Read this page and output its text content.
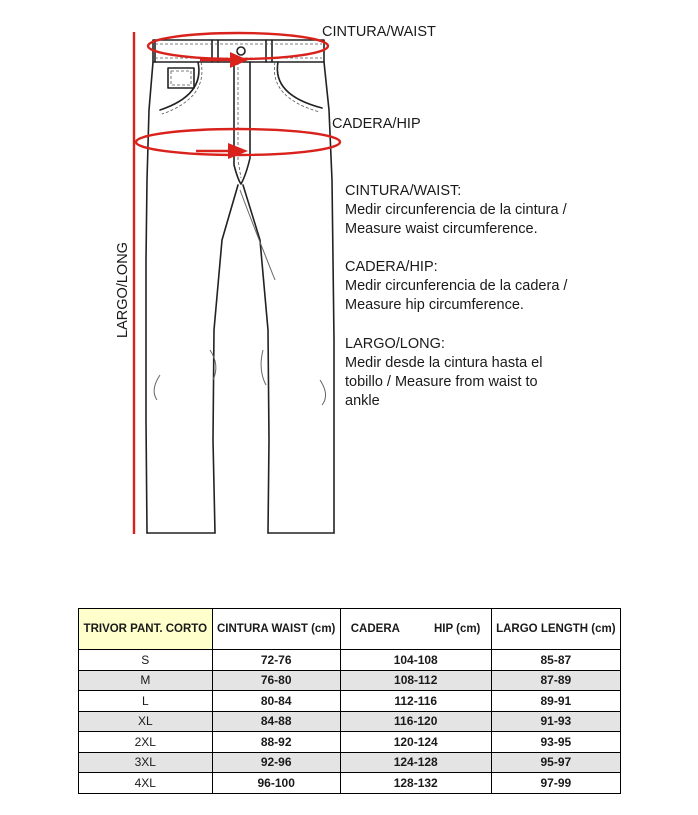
CINTURA/WAIST
CADERA/HIP
LARGO/LONG
CINTURA/WAIST:
Medir circunferencia de la cintura /
Measure waist circumference.
CADERA/HIP:
Medir circunferencia de la cadera /
Measure hip circumference.
LARGO/LONG:
Medir desde la cintura hasta el
tobillo / Measure from waist to
ankle
TRIVOR PANT. CORTO	CINTURA WAIST (cm)	CADERA HIP (cm)	LARGO LENGTH (cm)
S	72-76	104-108	85-87
M	76-80	108-112	87-89
L	80-84	112-116	89-91
XL	84-88	116-120	91-93
2XL	88-92	120-124	93-95
3XL	92-96	124-128	95-97
4XL	96-100	128-132	97-99
